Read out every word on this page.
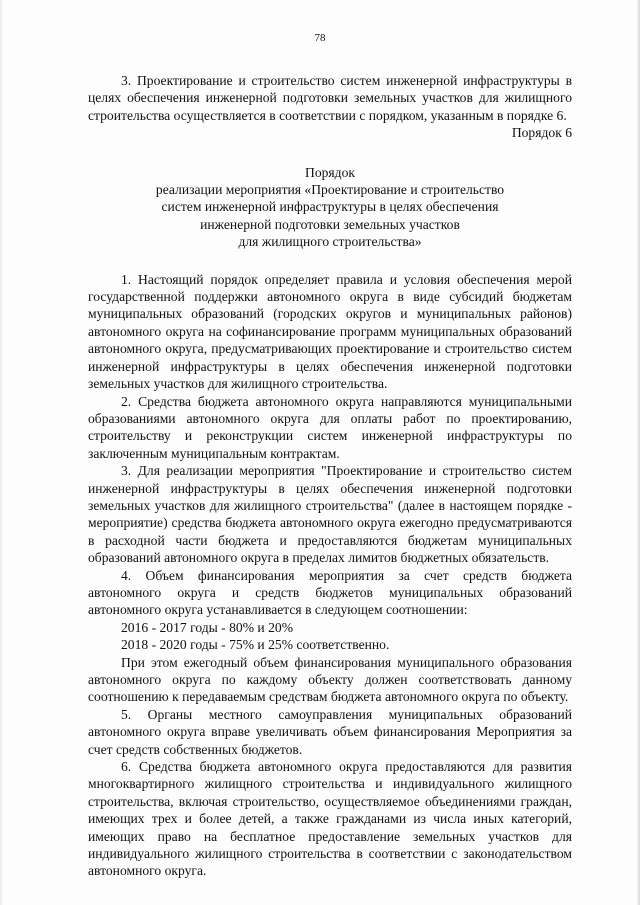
78

3. Проектирование и строительство систем инженерной инфраструктуры в целях обеспечения инженерной подготовки земельных участков для жилищного строительства осуществляется в соответствии с порядком, указанным в порядке 6.

Порядок 6

Порядок
реализации мероприятия «Проектирование и строительство
систем инженерной инфраструктуры в целях обеспечения
инженерной подготовки земельных участков
для жилищного строительства»

1. Настоящий порядок определяет правила и условия обеспечения мерой государственной поддержки автономного округа в виде субсидий бюджетам муниципальных образований (городских округов и муниципальных районов) автономного округа на софинансирование программ муниципальных образований автономного округа, предусматривающих проектирование и строительство систем инженерной инфраструктуры в целях обеспечения инженерной подготовки земельных участков для жилищного строительства.

2. Средства бюджета автономного округа направляются муниципальными образованиями автономного округа для оплаты работ по проектированию, строительству и реконструкции систем инженерной инфраструктуры по заключенным муниципальным контрактам.

3. Для реализации мероприятия "Проектирование и строительство систем инженерной инфраструктуры в целях обеспечения инженерной подготовки земельных участков для жилищного строительства" (далее в настоящем порядке - мероприятие) средства бюджета автономного округа ежегодно предусматриваются в расходной части бюджета и предоставляются бюджетам муниципальных образований автономного округа в пределах лимитов бюджетных обязательств.

4. Объем финансирования мероприятия за счет средств бюджета автономного округа и средств бюджетов муниципальных образований автономного округа устанавливается в следующем соотношении:

2016 - 2017 годы - 80% и 20%

2018 - 2020 годы - 75% и 25% соответственно.

При этом ежегодный объем финансирования муниципального образования автономного округа по каждому объекту должен соответствовать данному соотношению к передаваемым средствам бюджета автономного округа по объекту.

5. Органы местного самоуправления муниципальных образований автономного округа вправе увеличивать объем финансирования Мероприятия за счет средств собственных бюджетов.

6. Средства бюджета автономного округа предоставляются для развития многоквартирного жилищного строительства и индивидуального жилищного строительства, включая строительство, осуществляемое объединениями граждан, имеющих трех и более детей, а также гражданами из числа иных категорий, имеющих право на бесплатное предоставление земельных участков для индивидуального жилищного строительства в соответствии с законодательством автономного округа.
